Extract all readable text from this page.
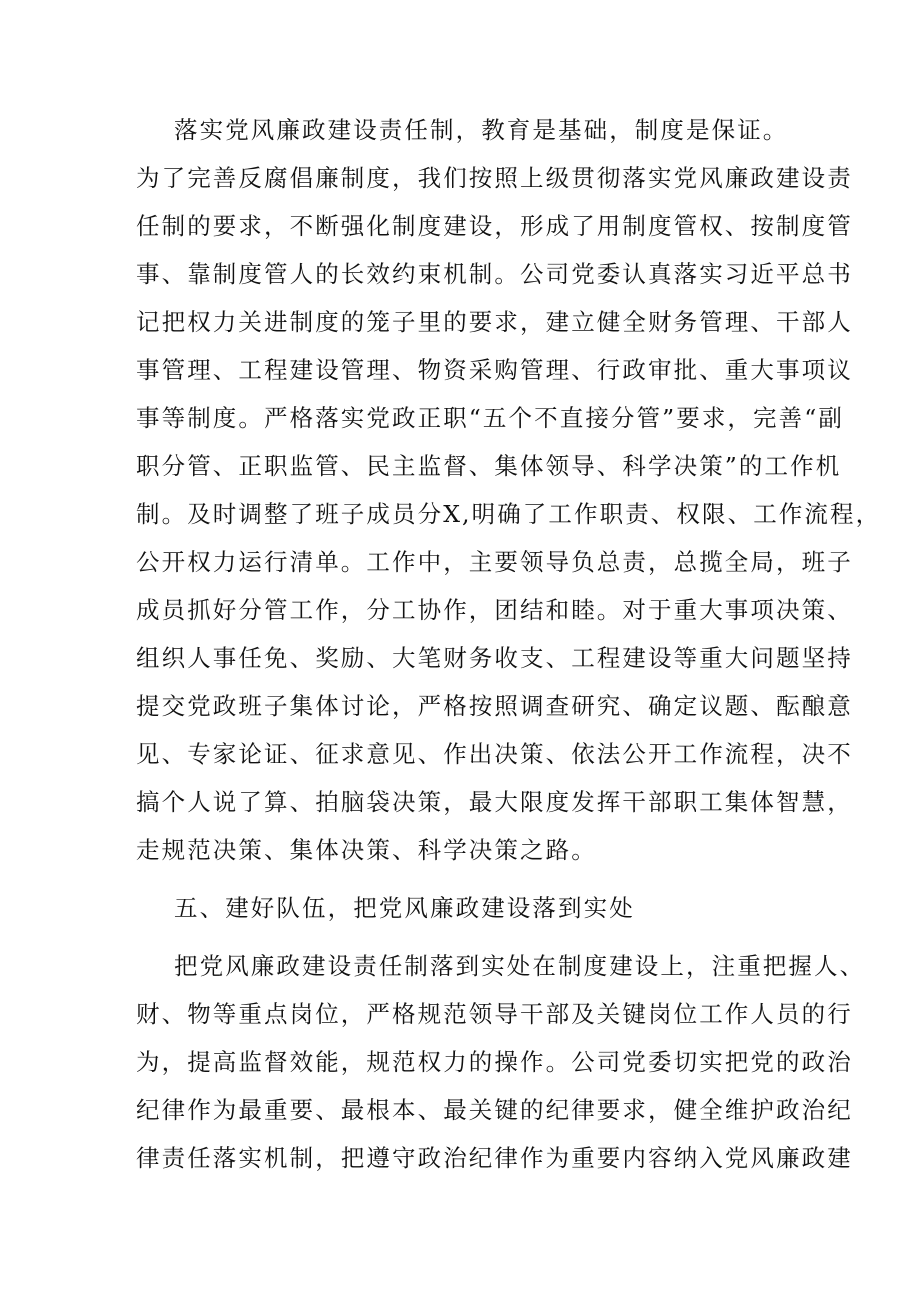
落实党风廉政建设责任制，教育是基础，制度是保证。
为了完善反腐倡廉制度，我们按照上级贯彻落实党风廉政建设责
任制的要求，不断强化制度建设，形成了用制度管权、按制度管
事、靠制度管人的长效约束机制。公司党委认真落实习近平总书
记把权力关进制度的笼子里的要求，建立健全财务管理、干部人
事管理、工程建设管理、物资采购管理、行政审批、重大事项议
事等制度。严格落实党政正职“五个不直接分管”要求，完善“副
职分管、正职监管、民主监督、集体领导、科学决策”的工作机
制。及时调整了班子成员分X,明确了工作职责、权限、工作流程，
公开权力运行清单。工作中，主要领导负总责，总揽全局，班子
成员抓好分管工作，分工协作，团结和睦。对于重大事项决策、
组织人事任免、奖励、大笔财务收支、工程建设等重大问题坚持
提交党政班子集体讨论，严格按照调查研究、确定议题、酝酿意
见、专家论证、征求意见、作出决策、依法公开工作流程，决不
搞个人说了算、拍脑袋决策，最大限度发挥干部职工集体智慧，
走规范决策、集体决策、科学决策之路。
五、建好队伍，把党风廉政建设落到实处
把党风廉政建设责任制落到实处在制度建设上，注重把握人、
财、物等重点岗位，严格规范领导干部及关键岗位工作人员的行
为，提高监督效能，规范权力的操作。公司党委切实把党的政治
纪律作为最重要、最根本、最关键的纪律要求，健全维护政治纪
律责任落实机制，把遵守政治纪律作为重要内容纳入党风廉政建
